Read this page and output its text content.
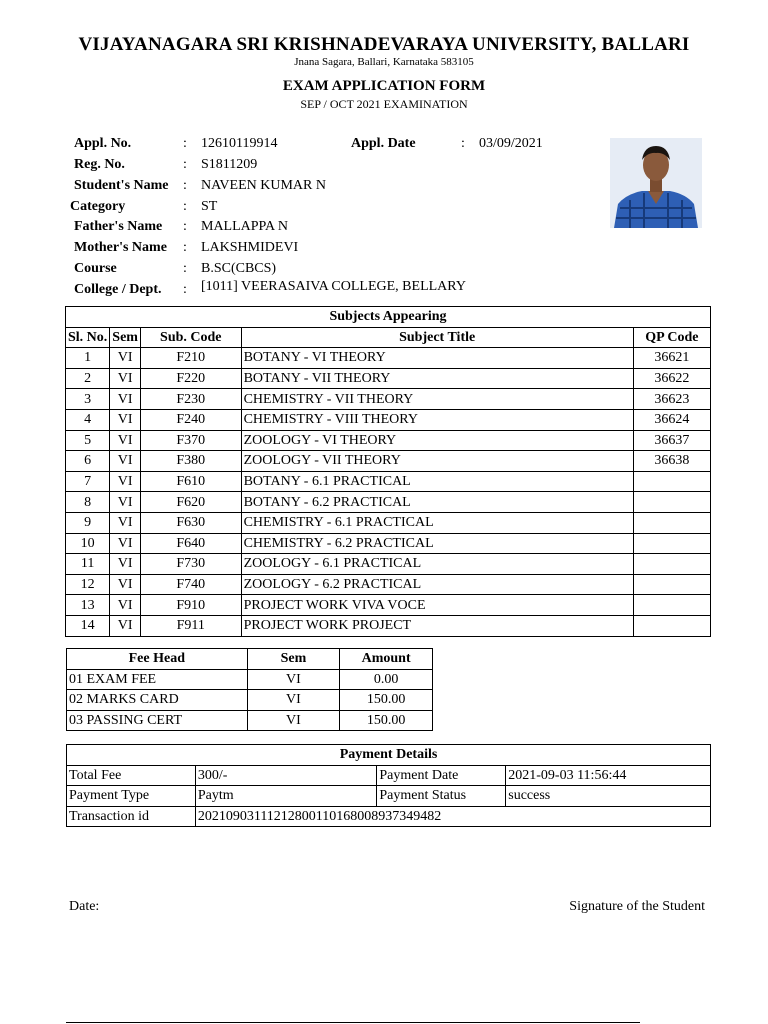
VIJAYANAGARA SRI KRISHNADEVARAYA UNIVERSITY, BALLARI
Jnana Sagara, Ballari, Karnataka 583105
EXAM APPLICATION FORM
SEP / OCT 2021 EXAMINATION
Appl. No.	: 12610119914	Appl. Date	: 03/09/2021
Reg. No.	: S1811209
Student's Name : NAVEEN KUMAR N
Category	: ST
Father's Name : MALLAPPA N
Mother's Name : LAKSHMIDEVI
Course	: B.SC(CBCS)
College / Dept. : [1011] VEERASAIVA COLLEGE, BELLARY
Subjects Appearing				
Sl. No.	Sem	Sub. Code	Subject Title	QP Code
1	VI	F210	BOTANY - VI THEORY	36621
2	VI	F220	BOTANY - VII THEORY	36622
3	VI	F230	CHEMISTRY - VII THEORY	36623
4	VI	F240	CHEMISTRY - VIII THEORY	36624
5	VI	F370	ZOOLOGY - VI THEORY	36637
6	VI	F380	ZOOLOGY - VII THEORY	36638
7	VI	F610	BOTANY - 6.1 PRACTICAL	
8	VI	F620	BOTANY - 6.2 PRACTICAL	
9	VI	F630	CHEMISTRY - 6.1 PRACTICAL	
10	VI	F640	CHEMISTRY - 6.2 PRACTICAL	
11	VI	F730	ZOOLOGY - 6.1 PRACTICAL	
12	VI	F740	ZOOLOGY - 6.2 PRACTICAL	
13	VI	F910	PROJECT WORK VIVA VOCE	
14	VI	F911	PROJECT WORK PROJECT	
Fee Head	Sem	Amount
01 EXAM FEE	VI	0.00
02 MARKS CARD	VI	150.00
03 PASSING CERT	VI	150.00
Payment Details			
Total Fee	300/-	Payment Date	2021-09-03 11:56:44
Payment Type	Paytm	Payment Status	success
Transaction id	20210903111212800110168008937349482		
Date:	Signature of the Student
